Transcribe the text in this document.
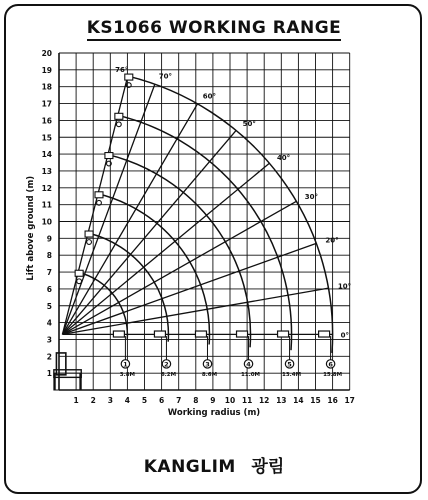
KS1066 WORKING RANGE
1 2 3 4 5 6 7 8 9 10 11 12 13 14 15 16 17
1
2
3
4
5
6
7
8
9
10
11
12
13
14
15
16
17
18
19
20
Working radius (m)
Lift above ground (m)
0°
10°
20°
30°
40°
50°
60°
70°
76°
1
3.8M
2
6.2M
3
8.6M
4
11.0M
5
13.4M
6
15.8M
KANGLIM 광림
